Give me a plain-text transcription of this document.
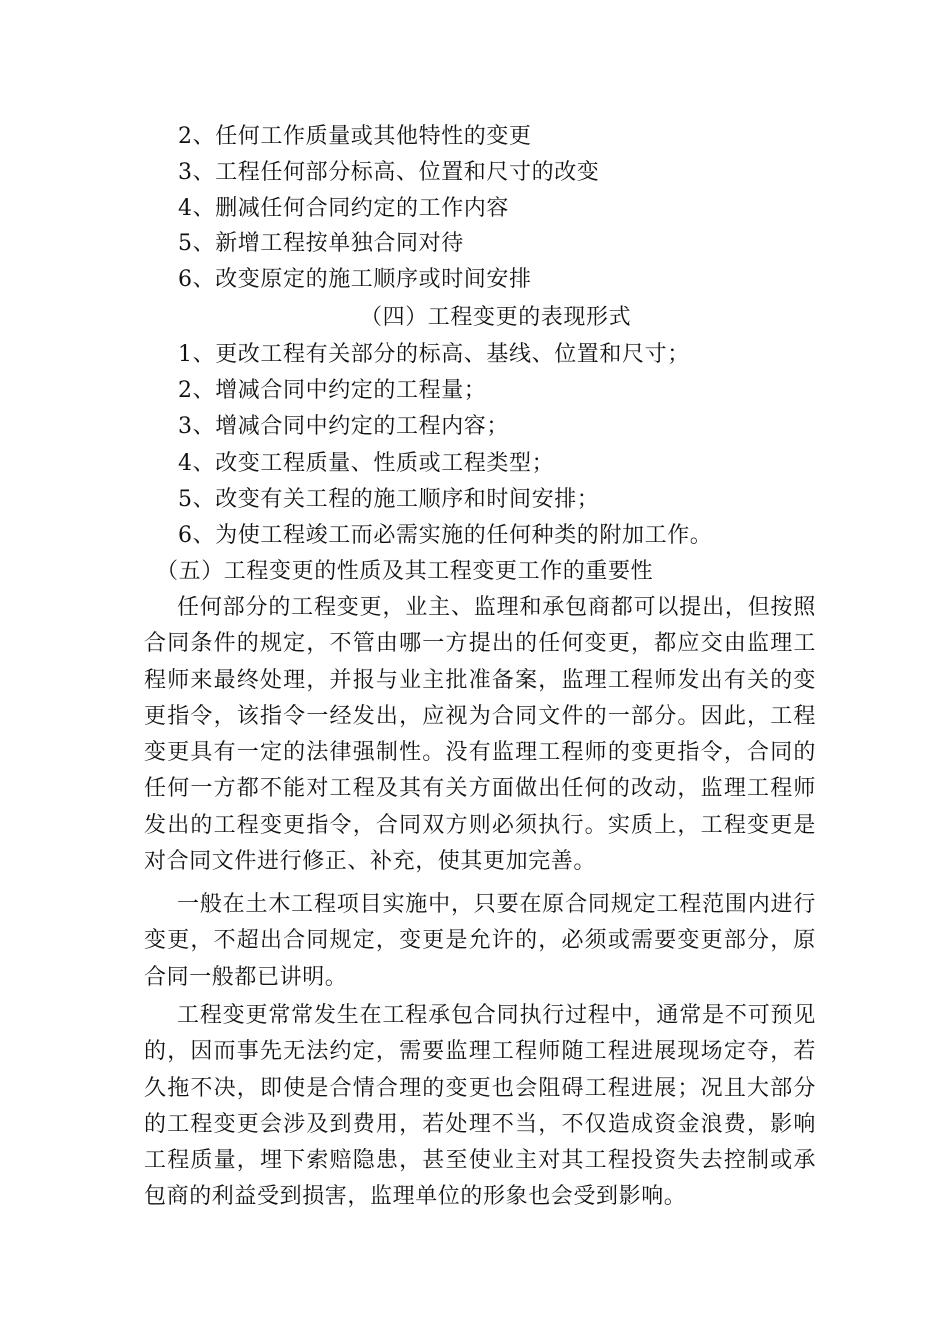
2、任何工作质量或其他特性的变更
3、工程任何部分标高、位置和尺寸的改变
4、删减任何合同约定的工作内容
5、新增工程按单独合同对待
6、改变原定的施工顺序或时间安排
（四）工程变更的表现形式
1、更改工程有关部分的标高、基线、位置和尺寸；
2、增减合同中约定的工程量；
3、增减合同中约定的工程内容；
4、改变工程质量、性质或工程类型；
5、改变有关工程的施工顺序和时间安排；
6、为使工程竣工而必需实施的任何种类的附加工作。
（五）工程变更的性质及其工程变更工作的重要性

任何部分的工程变更，业主、监理和承包商都可以提出，但按照合同条件的规定，不管由哪一方提出的任何变更，都应交由监理工程师来最终处理，并报与业主批准备案，监理工程师发出有关的变更指令，该指令一经发出，应视为合同文件的一部分。因此，工程变更具有一定的法律强制性。没有监理工程师的变更指令，合同的任何一方都不能对工程及其有关方面做出任何的改动，监理工程师发出的工程变更指令，合同双方则必须执行。实质上，工程变更是对合同文件进行修正、补充，使其更加完善。

一般在土木工程项目实施中，只要在原合同规定工程范围内进行变更，不超出合同规定，变更是允许的，必须或需要变更部分，原合同一般都已讲明。

工程变更常常发生在工程承包合同执行过程中，通常是不可预见的，因而事先无法约定，需要监理工程师随工程进展现场定夺，若久拖不决，即使是合情合理的变更也会阻碍工程进展；况且大部分的工程变更会涉及到费用，若处理不当，不仅造成资金浪费，影响工程质量，埋下索赔隐患，甚至使业主对其工程投资失去控制或承包商的利益受到损害，监理单位的形象也会受到影响。
